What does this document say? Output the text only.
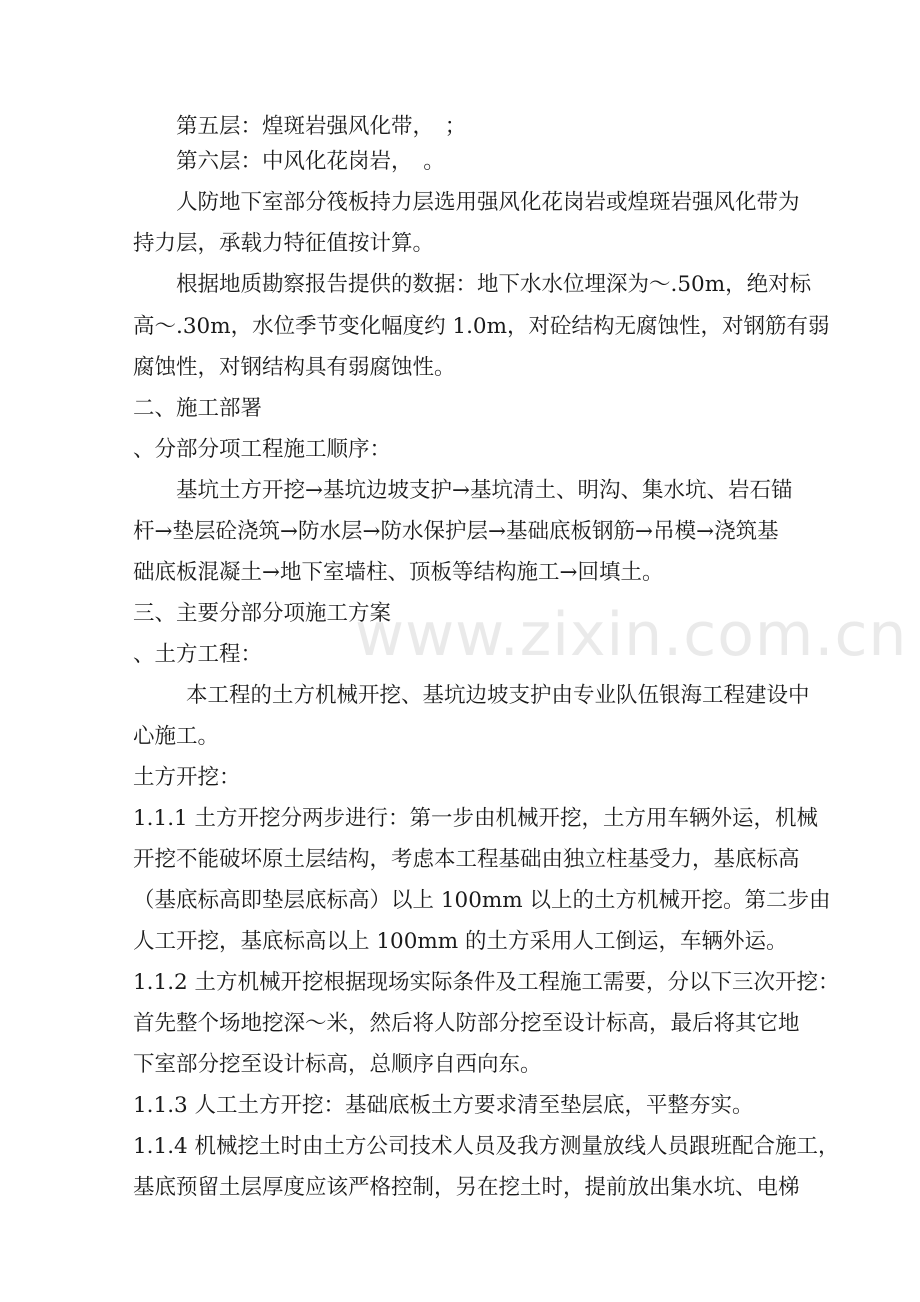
www.zixin.com.cn
第五层：煌斑岩强风化带，　；
第六层：中风化花岗岩，　。
人防地下室部分筏板持力层选用强风化花岗岩或煌斑岩强风化带为
持力层，承载力特征值按计算。
根据地质勘察报告提供的数据：地下水水位埋深为～.50m，绝对标
高～.30m，水位季节变化幅度约 1.0m，对砼结构无腐蚀性，对钢筋有弱
腐蚀性，对钢结构具有弱腐蚀性。
二、施工部署
、分部分项工程施工顺序：
基坑土方开挖→基坑边坡支护→基坑清土、明沟、集水坑、岩石锚
杆→垫层砼浇筑→防水层→防水保护层→基础底板钢筋→吊模→浇筑基
础底板混凝土→地下室墙柱、顶板等结构施工→回填土。
三、主要分部分项施工方案
、土方工程：
本工程的土方机械开挖、基坑边坡支护由专业队伍银海工程建设中
心施工。
土方开挖：
1.1.1 土方开挖分两步进行：第一步由机械开挖，土方用车辆外运，机械
开挖不能破坏原土层结构，考虑本工程基础由独立柱基受力，基底标高
（基底标高即垫层底标高）以上 100mm 以上的土方机械开挖。第二步由
人工开挖，基底标高以上 100mm 的土方采用人工倒运，车辆外运。
1.1.2 土方机械开挖根据现场实际条件及工程施工需要，分以下三次开挖：
首先整个场地挖深～米，然后将人防部分挖至设计标高，最后将其它地
下室部分挖至设计标高，总顺序自西向东。
1.1.3 人工土方开挖：基础底板土方要求清至垫层底，平整夯实。
1.1.4 机械挖土时由土方公司技术人员及我方测量放线人员跟班配合施工，
基底预留土层厚度应该严格控制，另在挖土时，提前放出集水坑、电梯
